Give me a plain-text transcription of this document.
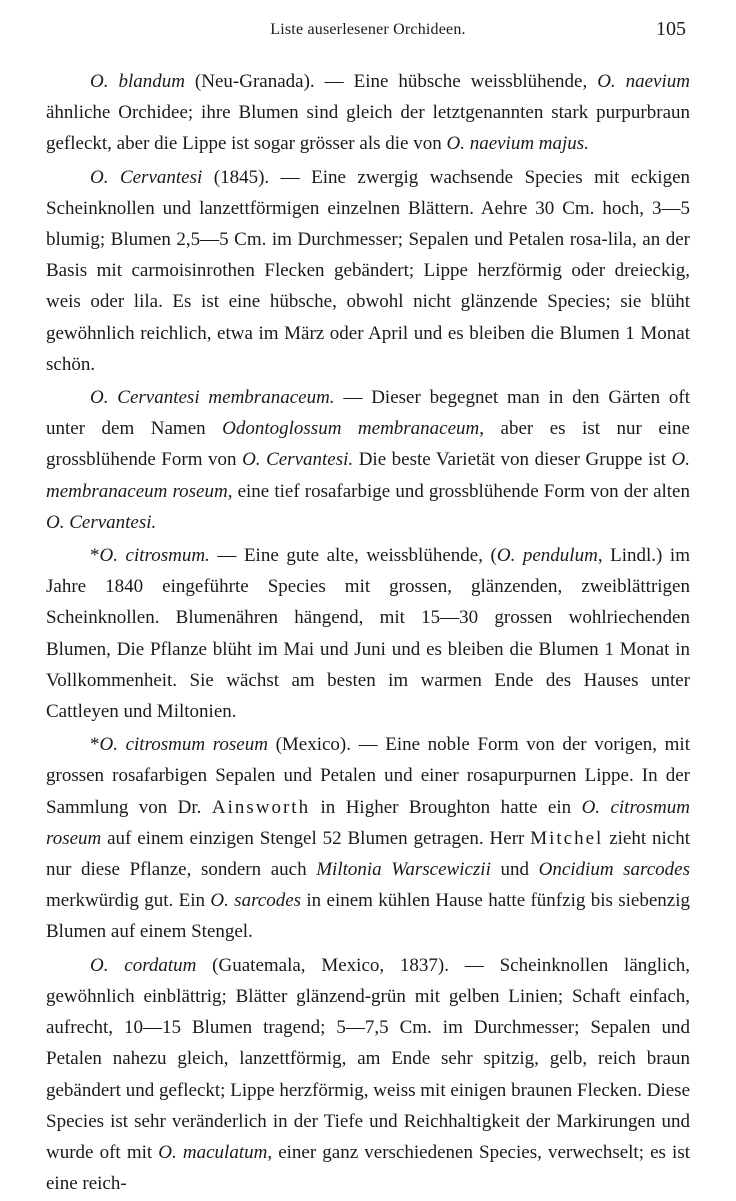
Liste auserlesener Orchideen.	105

O. blandum (Neu-Granada). — Eine hübsche weissblühende, O. naevium ähnliche Orchidee; ihre Blumen sind gleich der letztgenannten stark purpurbraun gefleckt, aber die Lippe ist sogar grösser als die von O. naevium majus.

O. Cervantesi (1845). — Eine zwergig wachsende Species mit eckigen Scheinknollen und lanzettförmigen einzelnen Blättern. Aehre 30 Cm. hoch, 3—5 blumig; Blumen 2,5—5 Cm. im Durchmesser; Sepalen und Petalen rosa-lila, an der Basis mit carmoisinrothen Flecken gebändert; Lippe herzförmig oder dreieckig, weis oder lila. Es ist eine hübsche, obwohl nicht glänzende Species; sie blüht gewöhnlich reichlich, etwa im März oder April und es bleiben die Blumen 1 Monat schön.

O. Cervantesi membranaceum. — Dieser begegnet man in den Gärten oft unter dem Namen Odontoglossum membranaceum, aber es ist nur eine grossblühende Form von O. Cervantesi. Die beste Varietät von dieser Gruppe ist O. membranaceum roseum, eine tief rosafarbige und grossblühende Form von der alten O. Cervantesi.

*O. citrosmum. — Eine gute alte, weissblühende, (O. pendulum, Lindl.) im Jahre 1840 eingeführte Species mit grossen, glänzenden, zweiblättrigen Scheinknollen. Blumenähren hängend, mit 15—30 grossen wohlriechenden Blumen, Die Pflanze blüht im Mai und Juni und es bleiben die Blumen 1 Monat in Vollkommenheit. Sie wächst am besten im warmen Ende des Hauses unter Cattleyen und Miltonien.

*O. citrosmum roseum (Mexico). — Eine noble Form von der vorigen, mit grossen rosafarbigen Sepalen und Petalen und einer rosapurpurnen Lippe. In der Sammlung von Dr. Ainsworth in Higher Broughton hatte ein O. citrosmum roseum auf einem einzigen Stengel 52 Blumen getragen. Herr Mitchel zieht nicht nur diese Pflanze, sondern auch Miltonia Warscewiczii und Oncidium sarcodes merkwürdig gut. Ein O. sarcodes in einem kühlen Hause hatte fünfzig bis siebenzig Blumen auf einem Stengel.

O. cordatum (Guatemala, Mexico, 1837). — Scheinknollen länglich, gewöhnlich einblättrig; Blätter glänzend-grün mit gelben Linien; Schaft einfach, aufrecht, 10—15 Blumen tragend; 5—7,5 Cm. im Durchmesser; Sepalen und Petalen nahezu gleich, lanzettförmig, am Ende sehr spitzig, gelb, reich braun gebändert und gefleckt; Lippe herzförmig, weiss mit einigen braunen Flecken. Diese Species ist sehr veränderlich in der Tiefe und Reichhaltigkeit der Markirungen und wurde oft mit O. maculatum, einer ganz verschiedenen Species, verwechselt; es ist eine reich-
